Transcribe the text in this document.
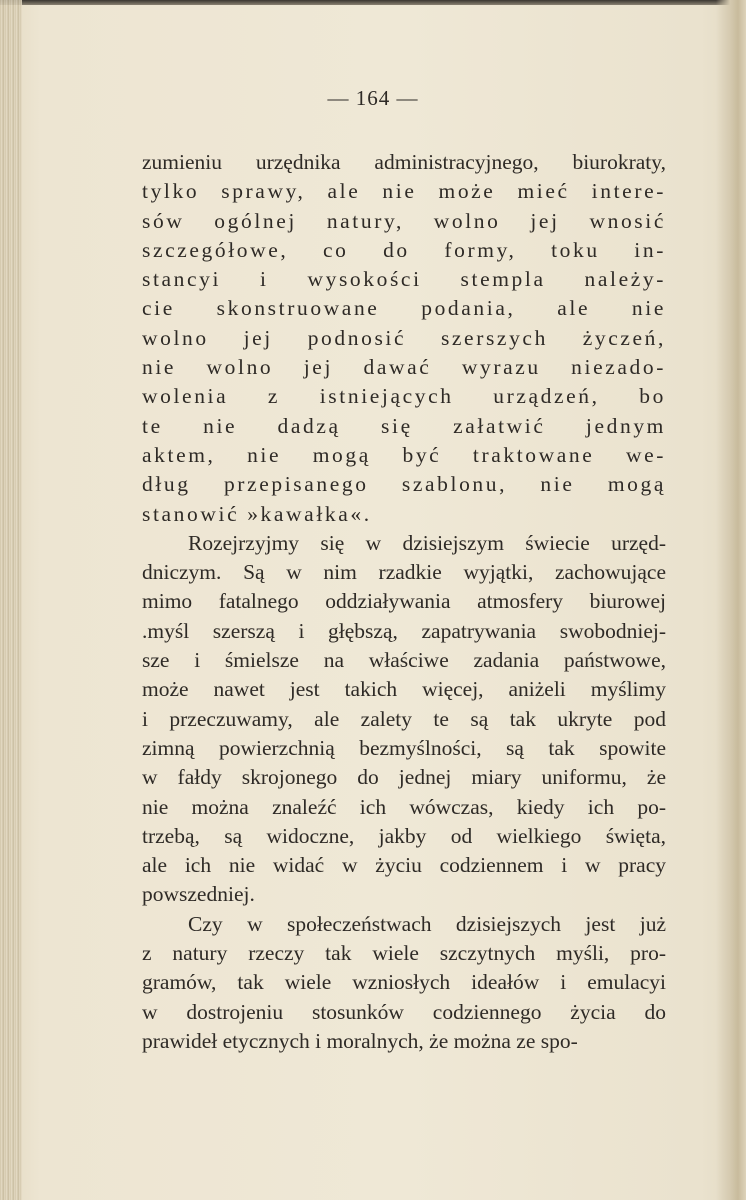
— 164 —
zumieniu urzędnika administracyjnego, biurokraty,
tylko sprawy, ale nie może mieć intere-
sów ogólnej natury, wolno jej wnosić
szczegółowe, co do formy, toku in-
stancyi i wysokości stempla należy-
cie skonstruowane podania, ale nie
wolno jej podnosić szerszych życzeń,
nie wolno jej dawać wyrazu niezado-
wolenia z istniejących urządzeń, bo
te nie dadzą się załatwić jednym
aktem, nie mogą być traktowane we-
dług przepisanego szablonu, nie mogą
stanowić »kawałka«.
Rozejrzyjmy się w dzisiejszym świecie urzęd-
dniczym. Są w nim rzadkie wyjątki, zachowujące
mimo fatalnego oddziaływania atmosfery biurowej
.myśl szerszą i głębszą, zapatrywania swobodniej-
sze i śmielsze na właściwe zadania państwowe,
może nawet jest takich więcej, aniżeli myślimy
i przeczuwamy, ale zalety te są tak ukryte pod
zimną powierzchnią bezmyślności, są tak spowite
w fałdy skrojonego do jednej miary uniformu, że
nie można znaleźć ich wówczas, kiedy ich po-
trzebą, są widoczne, jakby od wielkiego święta,
ale ich nie widać w życiu codziennem i w pracy
powszedniej.
Czy w społeczeństwach dzisiejszych jest już
z natury rzeczy tak wiele szczytnych myśli, pro-
gramów, tak wiele wzniosłych ideałów i emulacyi
w dostrojeniu stosunków codziennego życia do
prawideł etycznych i moralnych, że można ze spo-
